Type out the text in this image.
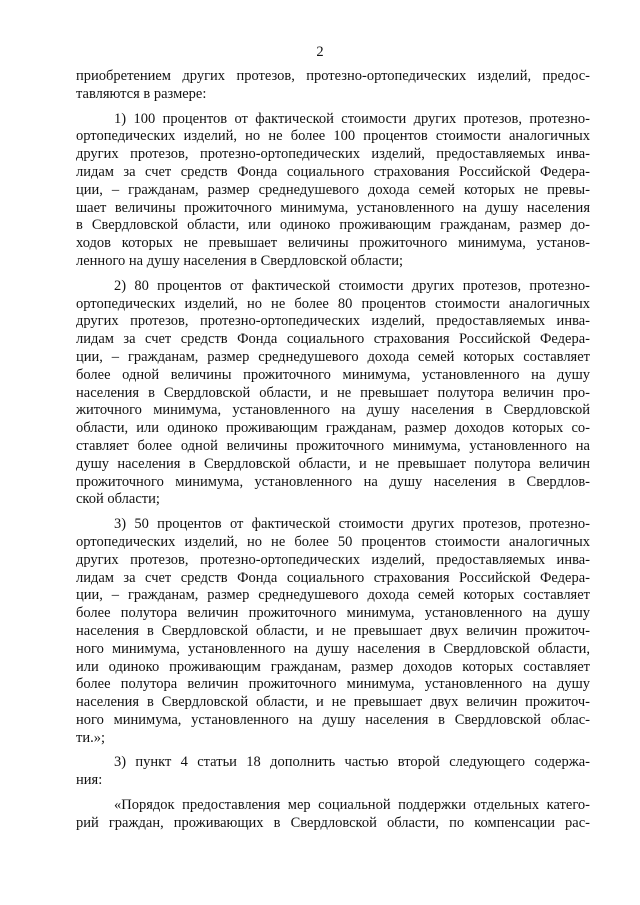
2
приобретением других протезов, протезно-ортопедических изделий, предос-
тавляются в размере:
1) 100 процентов от фактической стоимости других протезов, протезно-
ортопедических изделий, но не более 100 процентов стоимости аналогичных
других протезов, протезно-ортопедических изделий, предоставляемых инва-
лидам за счет средств Фонда социального страхования Российской Федера-
ции, – гражданам, размер среднедушевого дохода семей которых не превы-
шает величины прожиточного минимума, установленного на душу населения
в Свердловской области, или одиноко проживающим гражданам, размер до-
ходов которых не превышает величины прожиточного минимума, установ-
ленного на душу населения в Свердловской области;
2) 80 процентов от фактической стоимости других протезов, протезно-
ортопедических изделий, но не более 80 процентов стоимости аналогичных
других протезов, протезно-ортопедических изделий, предоставляемых инва-
лидам за счет средств Фонда социального страхования Российской Федера-
ции, – гражданам, размер среднедушевого дохода семей которых составляет
более одной величины прожиточного минимума, установленного на душу
населения в Свердловской области, и не превышает полутора величин про-
житочного минимума, установленного на душу населения в Свердловской
области, или одиноко проживающим гражданам, размер доходов которых со-
ставляет более одной величины прожиточного минимума, установленного на
душу населения в Свердловской области, и не превышает полутора величин
прожиточного минимума, установленного на душу населения в Свердлов-
ской области;
3) 50 процентов от фактической стоимости других протезов, протезно-
ортопедических изделий, но не более 50 процентов стоимости аналогичных
других протезов, протезно-ортопедических изделий, предоставляемых инва-
лидам за счет средств Фонда социального страхования Российской Федера-
ции, – гражданам, размер среднедушевого дохода семей которых составляет
более полутора величин прожиточного минимума, установленного на душу
населения в Свердловской области, и не превышает двух величин прожиточ-
ного минимума, установленного на душу населения в Свердловской области,
или одиноко проживающим гражданам, размер доходов которых составляет
более полутора величин прожиточного минимума, установленного на душу
населения в Свердловской области, и не превышает двух величин прожиточ-
ного минимума, установленного на душу населения в Свердловской облас-
ти.»;
3) пункт 4 статьи 18 дополнить частью второй следующего содержа-
ния:
«Порядок предоставления мер социальной поддержки отдельных катего-
рий граждан, проживающих в Свердловской области, по компенсации рас-
